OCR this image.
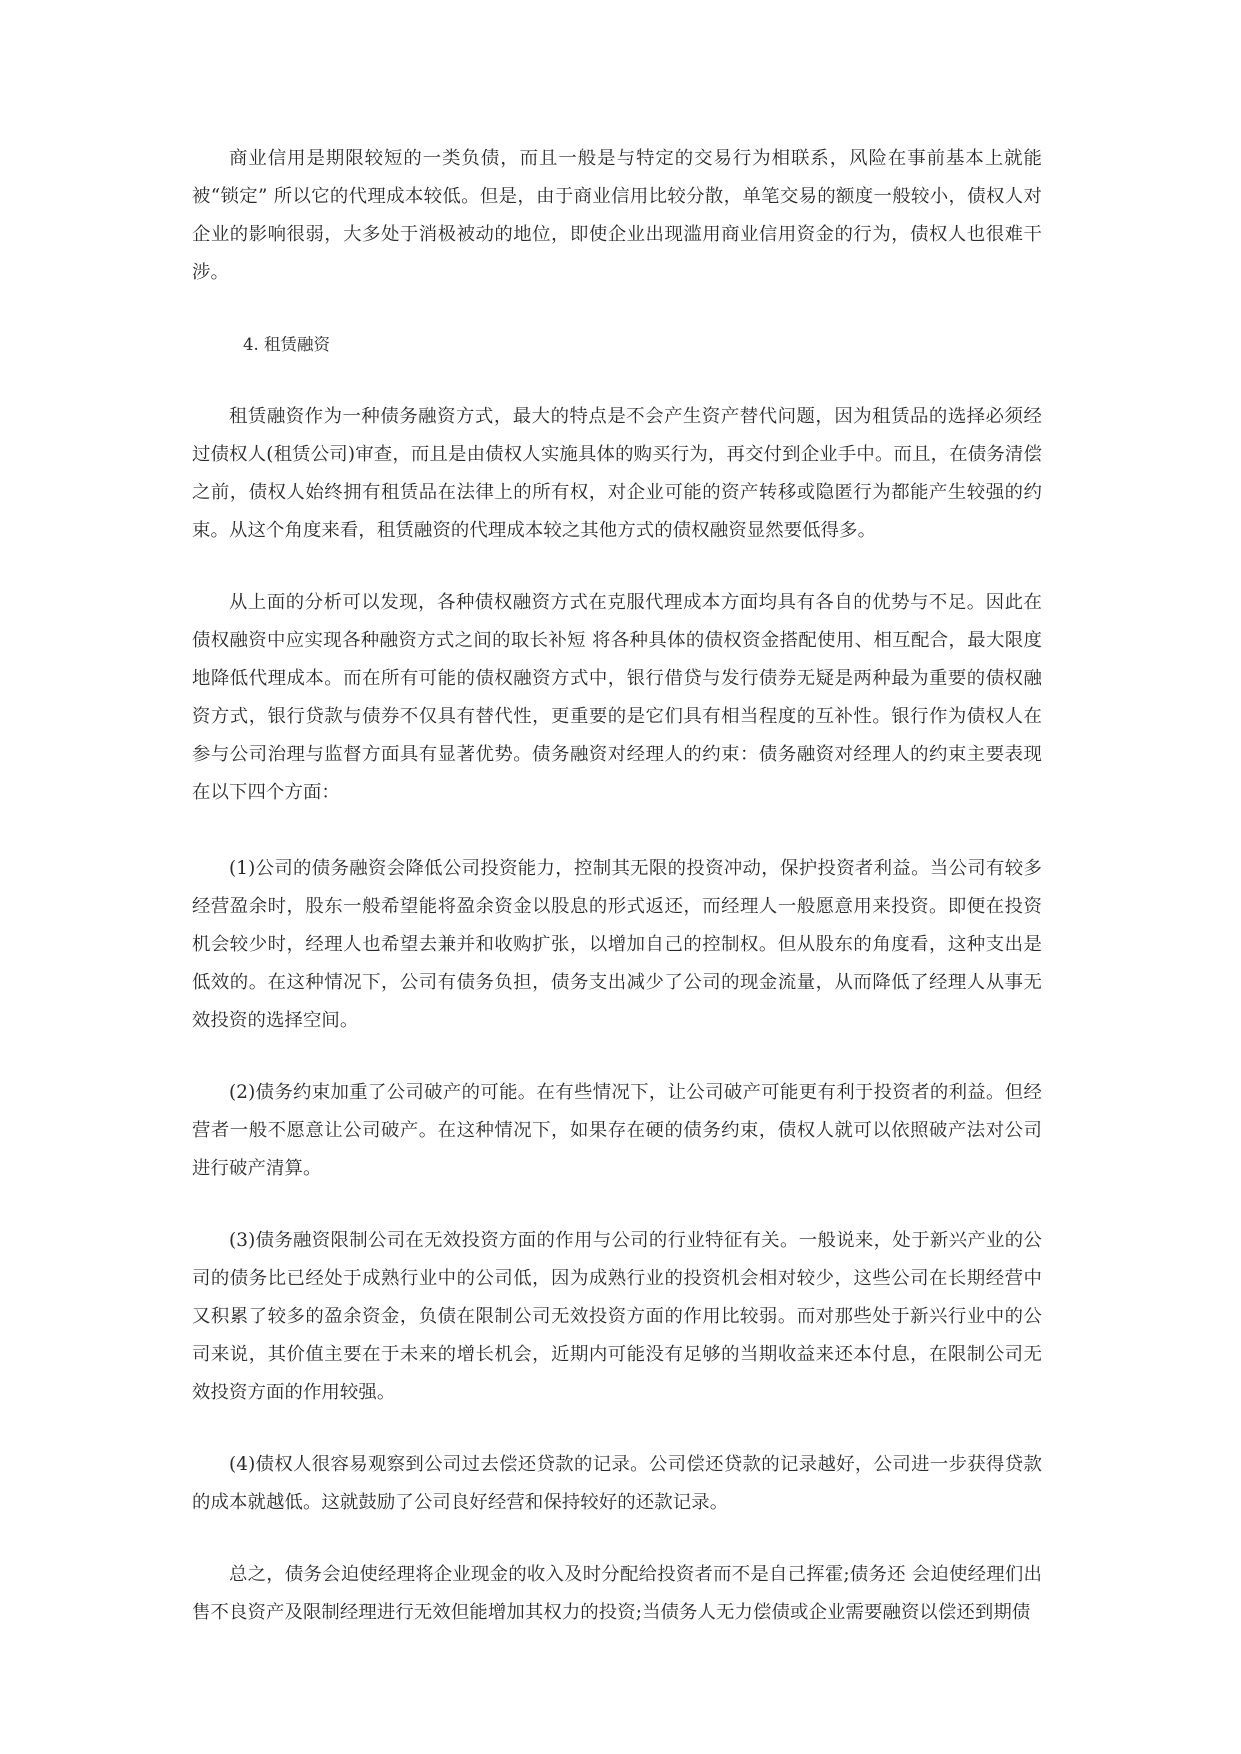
商业信用是期限较短的一类负债，而且一般是与特定的交易行为相联系，风险在事前基本上就能被“锁定” 所以它的代理成本较低。但是，由于商业信用比较分散，单笔交易的额度一般较小，债权人对企业的影响很弱，大多处于消极被动的地位，即使企业出现滥用商业信用资金的行为，债权人也很难干涉。

4. 租赁融资

租赁融资作为一种债务融资方式，最大的特点是不会产生资产替代问题，因为租赁品的选择必须经过债权人(租赁公司)审查，而且是由债权人实施具体的购买行为，再交付到企业手中。而且，在债务清偿之前，债权人始终拥有租赁品在法律上的所有权，对企业可能的资产转移或隐匿行为都能产生较强的约束。从这个角度来看，租赁融资的代理成本较之其他方式的债权融资显然要低得多。

从上面的分析可以发现，各种债权融资方式在克服代理成本方面均具有各自的优势与不足。因此在债权融资中应实现各种融资方式之间的取长补短 将各种具体的债权资金搭配使用、相互配合，最大限度地降低代理成本。而在所有可能的债权融资方式中，银行借贷与发行债券无疑是两种最为重要的债权融资方式，银行贷款与债券不仅具有替代性，更重要的是它们具有相当程度的互补性。银行作为债权人在参与公司治理与监督方面具有显著优势。债务融资对经理人的约束：债务融资对经理人的约束主要表现在以下四个方面：

(1)公司的债务融资会降低公司投资能力，控制其无限的投资冲动，保护投资者利益。当公司有较多经营盈余时，股东一般希望能将盈余资金以股息的形式返还，而经理人一般愿意用来投资。即便在投资机会较少时，经理人也希望去兼并和收购扩张，以增加自己的控制权。但从股东的角度看，这种支出是低效的。在这种情况下，公司有债务负担，债务支出减少了公司的现金流量，从而降低了经理人从事无效投资的选择空间。

(2)债务约束加重了公司破产的可能。在有些情况下，让公司破产可能更有利于投资者的利益。但经营者一般不愿意让公司破产。在这种情况下，如果存在硬的债务约束，债权人就可以依照破产法对公司进行破产清算。

(3)债务融资限制公司在无效投资方面的作用与公司的行业特征有关。一般说来，处于新兴产业的公司的债务比已经处于成熟行业中的公司低，因为成熟行业的投资机会相对较少，这些公司在长期经营中又积累了较多的盈余资金，负债在限制公司无效投资方面的作用比较弱。而对那些处于新兴行业中的公司来说，其价值主要在于未来的增长机会，近期内可能没有足够的当期收益来还本付息，在限制公司无效投资方面的作用较强。

(4)债权人很容易观察到公司过去偿还贷款的记录。公司偿还贷款的记录越好，公司进一步获得贷款的成本就越低。这就鼓励了公司良好经营和保持较好的还款记录。

总之，债务会迫使经理将企业现金的收入及时分配给投资者而不是自己挥霍;债务还 会迫使经理们出售不良资产及限制经理进行无效但能增加其权力的投资;当债务人无力偿债或企业需要融资以偿还到期债
